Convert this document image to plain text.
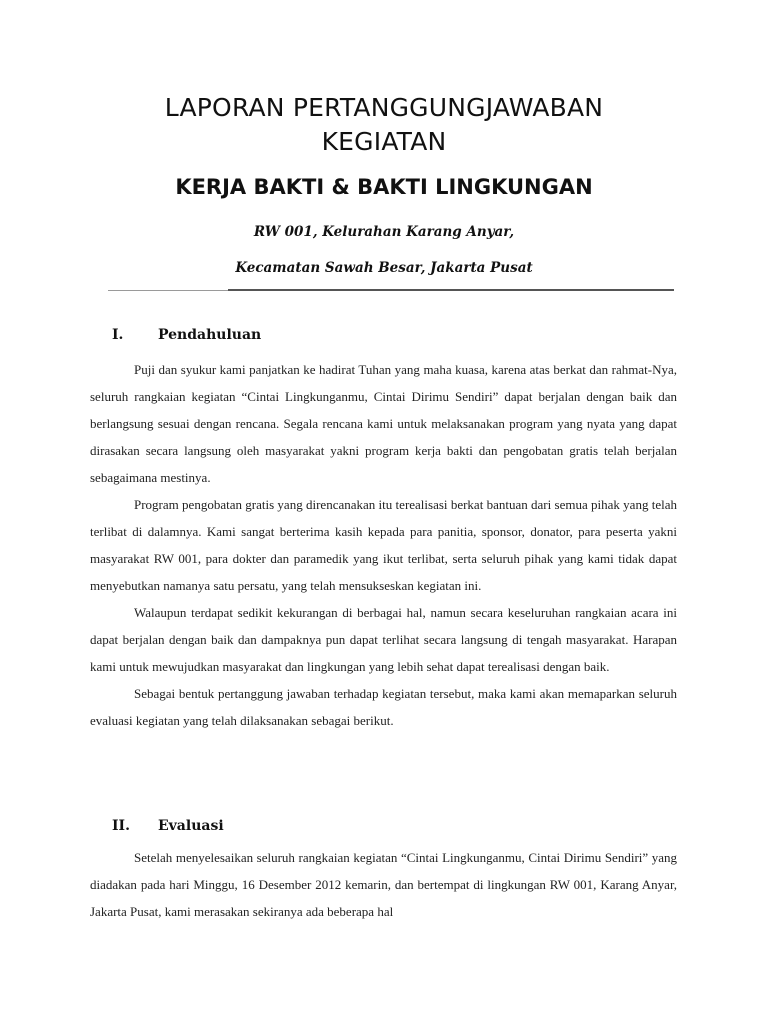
LAPORAN PERTANGGUNGJAWABAN
KEGIATAN
KERJA BAKTI & BAKTI LINGKUNGAN
RW 001, Kelurahan Karang Anyar,
Kecamatan Sawah Besar, Jakarta Pusat
I. Pendahuluan

Puji dan syukur kami panjatkan ke hadirat Tuhan yang maha kuasa, karena atas berkat dan rahmat-Nya, seluruh rangkaian kegiatan “Cintai Lingkunganmu, Cintai Dirimu Sendiri” dapat berjalan dengan baik dan berlangsung sesuai dengan rencana. Segala rencana kami untuk melaksanakan program yang nyata yang dapat dirasakan secara langsung oleh masyarakat yakni program kerja bakti dan pengobatan gratis telah berjalan sebagaimana mestinya.

Program pengobatan gratis yang direncanakan itu terealisasi berkat bantuan dari semua pihak yang telah terlibat di dalamnya. Kami sangat berterima kasih kepada para panitia, sponsor, donator, para peserta yakni masyarakat RW 001, para dokter dan paramedik yang ikut terlibat, serta seluruh pihak yang kami tidak dapat menyebutkan namanya satu persatu, yang telah mensukseskan kegiatan ini.

Walaupun terdapat sedikit kekurangan di berbagai hal, namun secara keseluruhan rangkaian acara ini dapat berjalan dengan baik dan dampaknya pun dapat terlihat secara langsung di tengah masyarakat. Harapan kami untuk mewujudkan masyarakat dan lingkungan yang lebih sehat dapat terealisasi dengan baik.

Sebagai bentuk pertanggung jawaban terhadap kegiatan tersebut, maka kami akan memaparkan seluruh evaluasi kegiatan yang telah dilaksanakan sebagai berikut.

II. Evaluasi

Setelah menyelesaikan seluruh rangkaian kegiatan “Cintai Lingkunganmu, Cintai Dirimu Sendiri” yang diadakan pada hari Minggu, 16 Desember 2012 kemarin, dan bertempat di lingkungan RW 001, Karang Anyar, Jakarta Pusat, kami merasakan sekiranya ada beberapa hal
